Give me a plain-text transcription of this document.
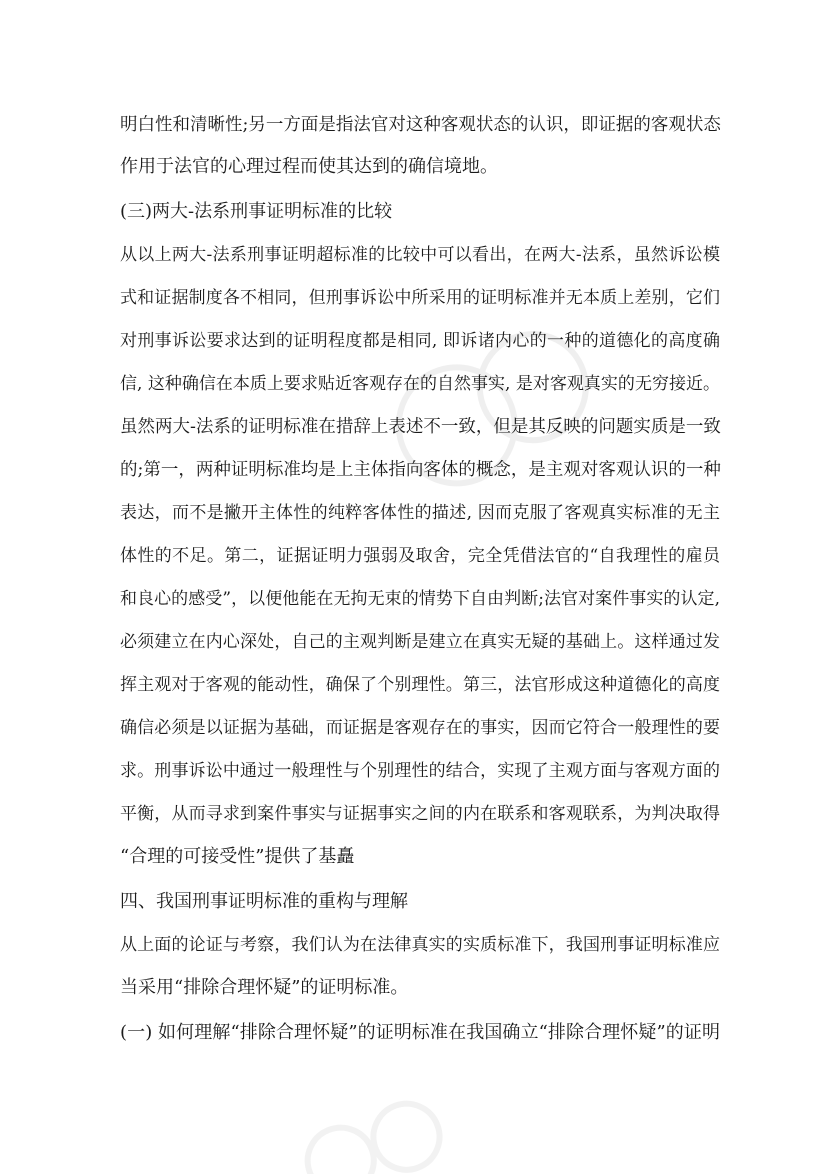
明白性和清晰性;另一方面是指法官对这种客观状态的认识，即证据的客观状态
作用于法官的心理过程而使其达到的确信境地。
(三)两大-法系刑事证明标准的比较
从以上两大-法系刑事证明超标准的比较中可以看出，在两大-法系，虽然诉讼模
式和证据制度各不相同，但刑事诉讼中所采用的证明标准并无本质上差别，它们
对刑事诉讼要求达到的证明程度都是相同, 即诉诸内心的一种的道德化的高度确
信, 这种确信在本质上要求贴近客观存在的自然事实, 是对客观真实的无穷接近。
虽然两大-法系的证明标准在措辞上表述不一致，但是其反映的问题实质是一致
的;第一，两种证明标准均是上主体指向客体的概念，是主观对客观认识的一种
表达，而不是撇开主体性的纯粹客体性的描述, 因而克服了客观真实标准的无主
体性的不足。第二，证据证明力强弱及取舍，完全凭借法官的“自我理性的雇员
和良心的感受”，以便他能在无拘无束的情势下自由判断;法官对案件事实的认定,
必须建立在内心深处，自己的主观判断是建立在真实无疑的基础上。这样通过发
挥主观对于客观的能动性，确保了个别理性。第三，法官形成这种道德化的高度
确信必须是以证据为基础，而证据是客观存在的事实，因而它符合一般理性的要
求。刑事诉讼中通过一般理性与个别理性的结合，实现了主观方面与客观方面的
平衡，从而寻求到案件事实与证据事实之间的内在联系和客观联系，为判决取得
“合理的可接受性”提供了基矗
四、我国刑事证明标准的重构与理解
从上面的论证与考察，我们认为在法律真实的实质标准下，我国刑事证明标准应
当采用“排除合理怀疑”的证明标准。
(一) 如何理解“排除合理怀疑”的证明标准在我国确立“排除合理怀疑”的证明
